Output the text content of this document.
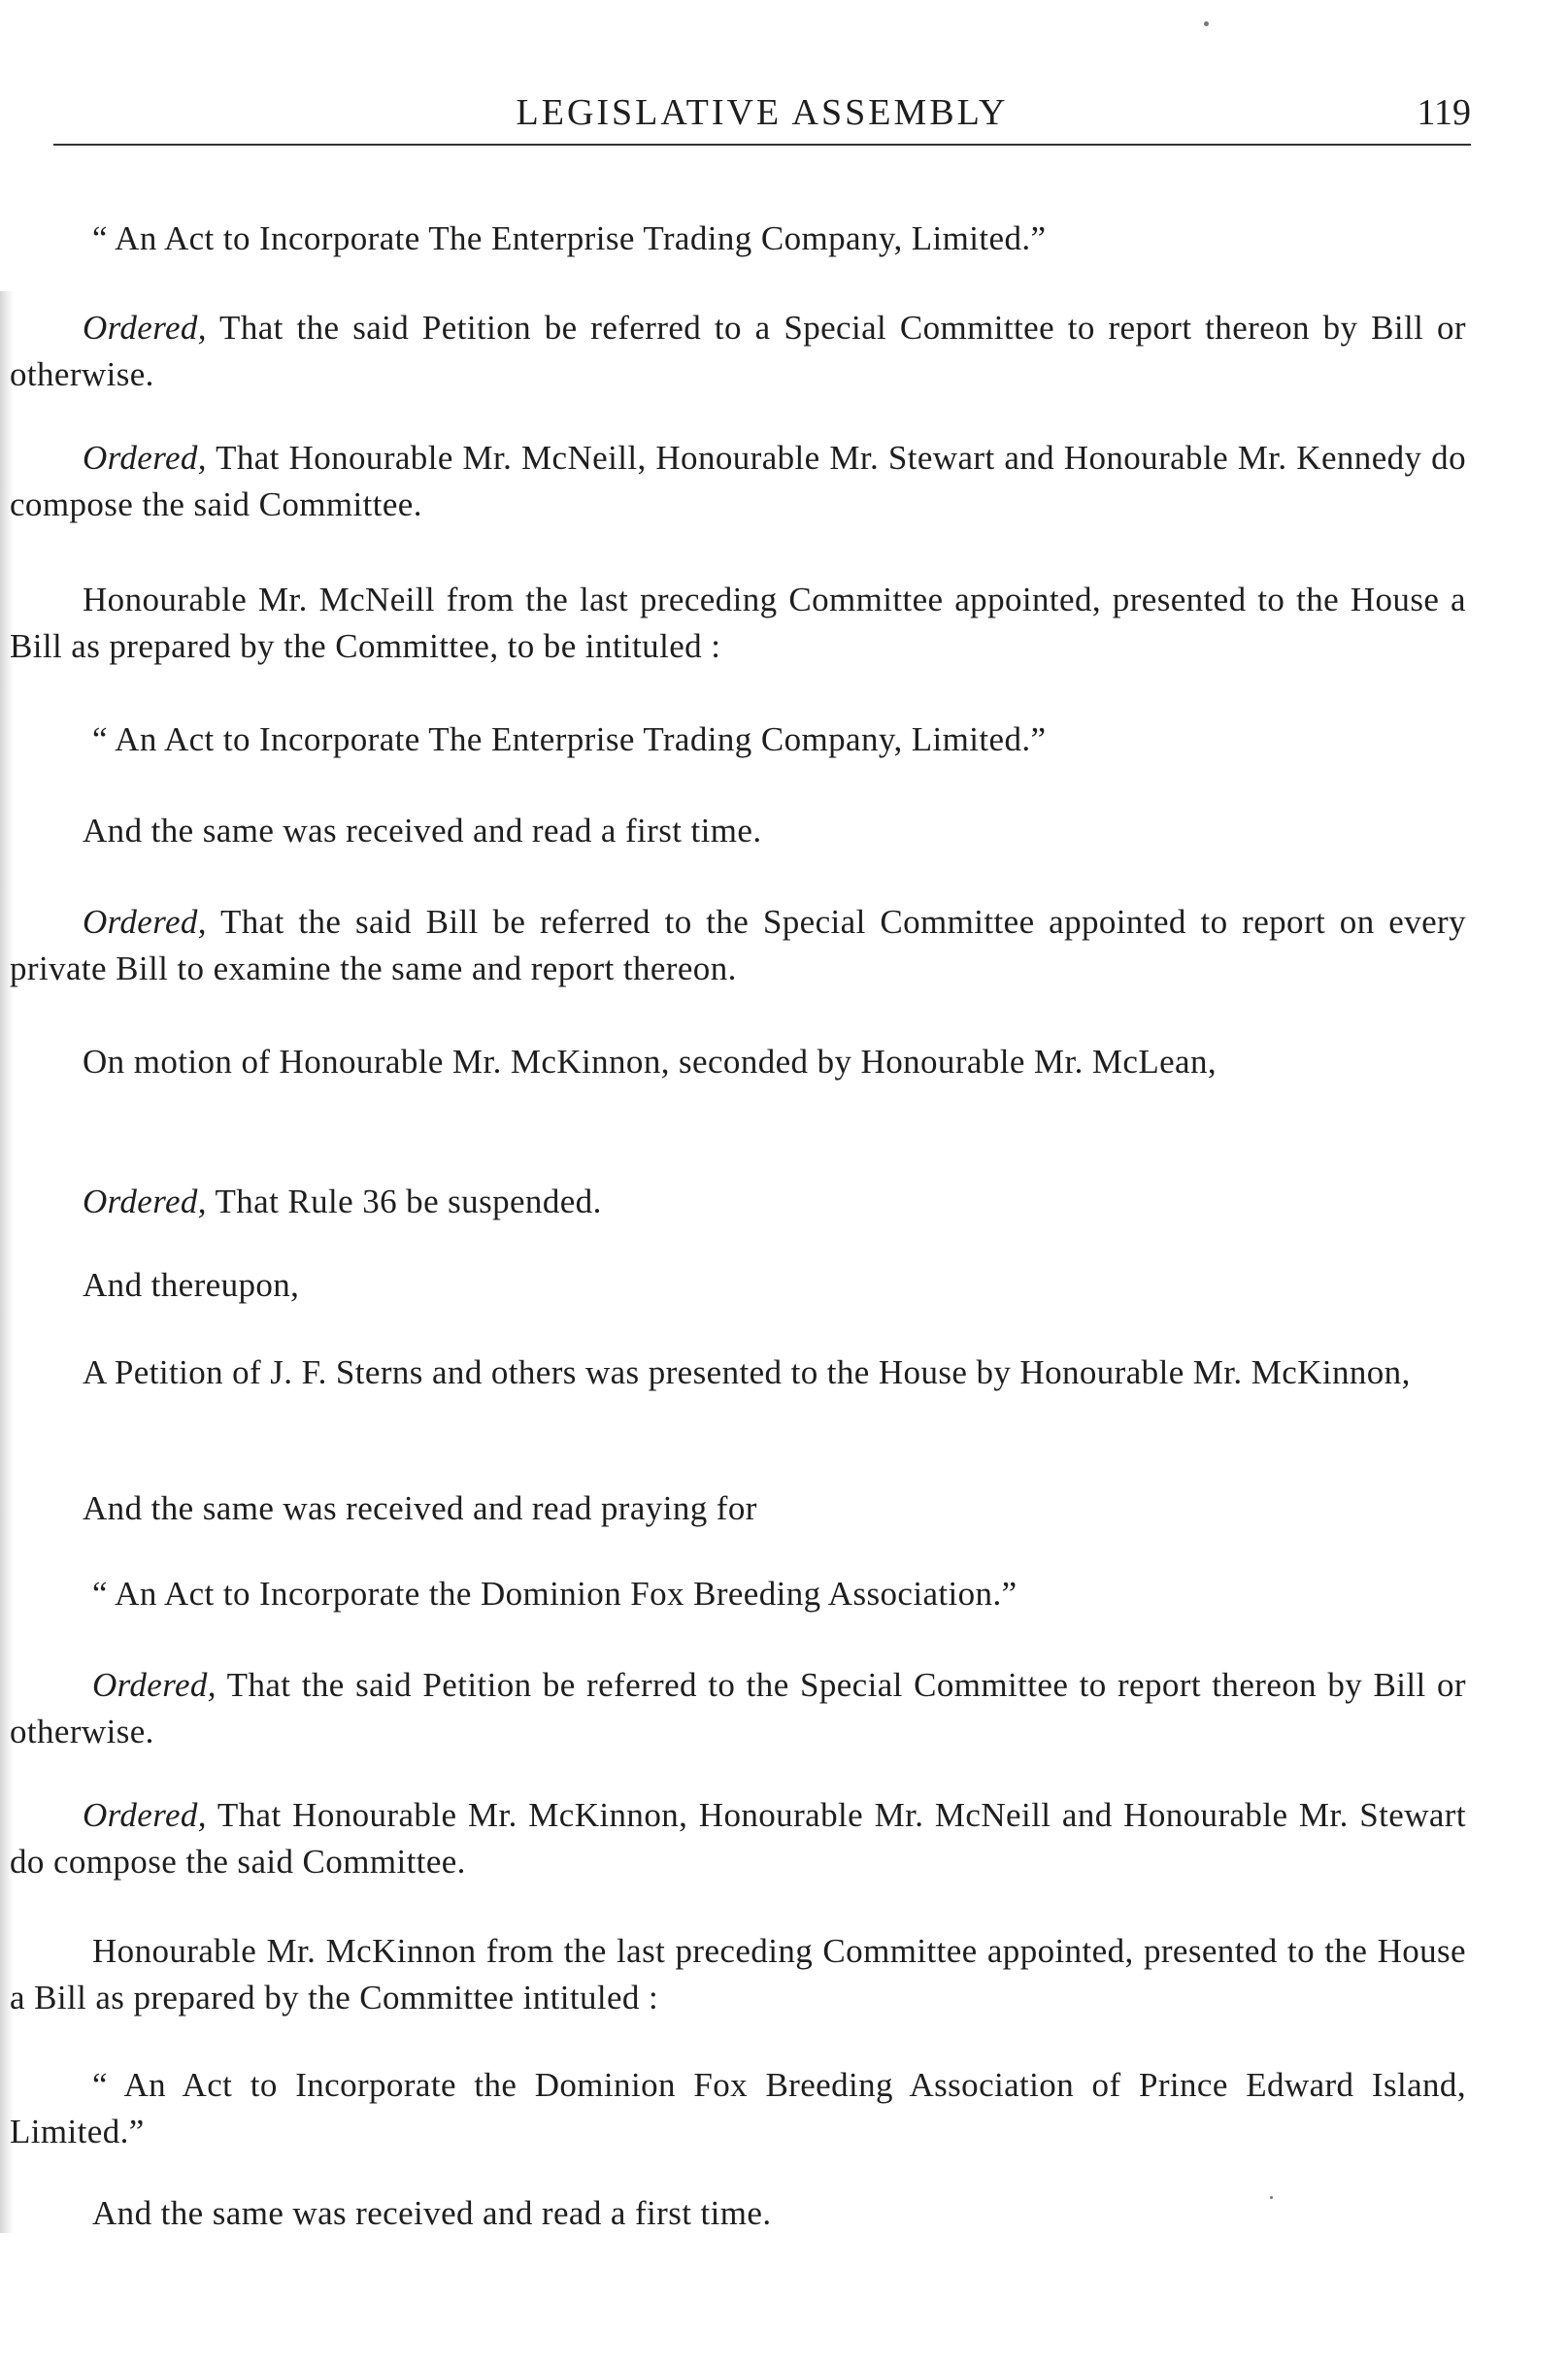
LEGISLATIVE ASSEMBLY	119

“ An Act to Incorporate The Enterprise Trading Company, Limited.”

Ordered, That the said Petition be referred to a Special Committee to report thereon by Bill or otherwise.

Ordered, That Honourable Mr. McNeill, Honourable Mr. Stewart and Honourable Mr. Kennedy do compose the said Committee.

Honourable Mr. McNeill from the last preceding Committee appointed, presented to the House a Bill as prepared by the Committee, to be intituled :

“ An Act to Incorporate The Enterprise Trading Company, Limited.”

And the same was received and read a first time.

Ordered, That the said Bill be referred to the Special Committee appointed to report on every private Bill to examine the same and report thereon.

On motion of Honourable Mr. McKinnon, seconded by Honourable Mr. McLean,

Ordered, That Rule 36 be suspended.

And thereupon,

A Petition of J. F. Sterns and others was presented to the House by Honourable Mr. McKinnon,

And the same was received and read praying for

“ An Act to Incorporate the Dominion Fox Breeding Association.”

Ordered, That the said Petition be referred to the Special Committee to report thereon by Bill or otherwise.

Ordered, That Honourable Mr. McKinnon, Honourable Mr. McNeill and Honourable Mr. Stewart do compose the said Committee.

Honourable Mr. McKinnon from the last preceding Committee appointed, presented to the House a Bill as prepared by the Committee intituled :

“ An Act to Incorporate the Dominion Fox Breeding Association of Prince Edward Island, Limited.”

And the same was received and read a first time.
